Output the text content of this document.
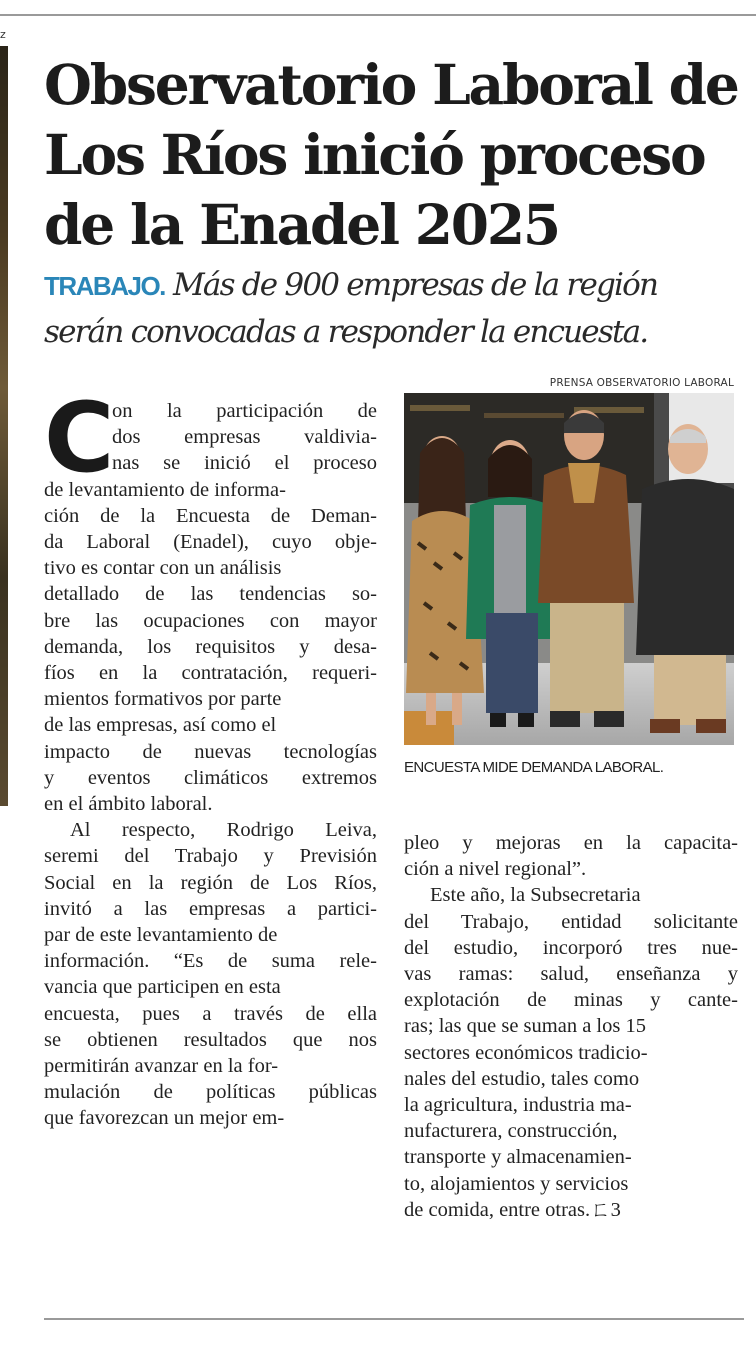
z
Observatorio Laboral de
Los Ríos inició proceso
de la Enadel 2025
TRABAJO. Más de 900 empresas de la región
serán convocadas a responder la encuesta.
C
on la participación de
dos empresas valdivia-
nas se inició el proceso
de levantamiento de informa-
ción de la Encuesta de Deman-
da Laboral (Enadel), cuyo obje-
tivo es contar con un análisis
detallado de las tendencias so-
bre las ocupaciones con mayor
demanda, los requisitos y desa-
fíos en la contratación, requeri-
mientos formativos por parte
de las empresas, así como el
impacto de nuevas tecnologías
y eventos climáticos extremos
en el ámbito laboral.
Al respecto, Rodrigo Leiva,
seremi del Trabajo y Previsión
Social en la región de Los Ríos,
invitó a las empresas a partici-
par de este levantamiento de
información. “Es de suma rele-
vancia que participen en esta
encuesta, pues a través de ella
se obtienen resultados que nos
permitirán avanzar en la for-
mulación de políticas públicas
que favorezcan un mejor em-
pleo y mejoras en la capacita-
ción a nivel regional”.
Este año, la Subsecretaria
del Trabajo, entidad solicitante
del estudio, incorporó tres nue-
vas ramas: salud, enseñanza y
explotación de minas y cante-
ras; las que se suman a los 15
sectores económicos tradicio-
nales del estudio, tales como
la agricultura, industria ma-
nufacturera, construcción,
transporte y almacenamien-
to, alojamientos y servicios
de comida, entre otras.ㄈ3
PRENSA OBSERVATORIO LABORAL
ENCUESTA MIDE DEMANDA LABORAL.
